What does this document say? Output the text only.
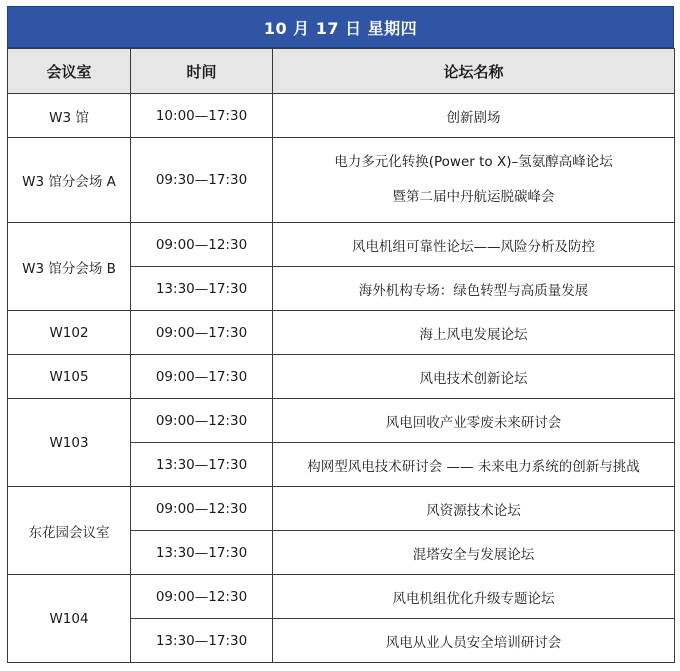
10 月 17 日 星期四
会议室	时间	论坛名称
W3 馆	10:00—17:30	创新剧场
W3 馆分会场 A	09:30—17:30	电力多元化转换(Power to X)–氢氨醇高峰论坛
暨第二届中丹航运脱碳峰会

W3 馆分会场 B	09:00—12:30	风电机组可靠性论坛——风险分析及防控
	13:30—17:30	海外机构专场：绿色转型与高质量发展
W102	09:00—17:30	海上风电发展论坛
W105	09:00—17:30	风电技术创新论坛
W103	09:00—12:30	风电回收产业零废未来研讨会
	13:30—17:30	构网型风电技术研讨会 —— 未来电力系统的创新与挑战
东花园会议室	09:00—12:30	风资源技术论坛
	13:30—17:30	混塔安全与发展论坛
W104	09:00—12:30	风电机组优化升级专题论坛
	13:30—17:30	风电从业人员安全培训研讨会
